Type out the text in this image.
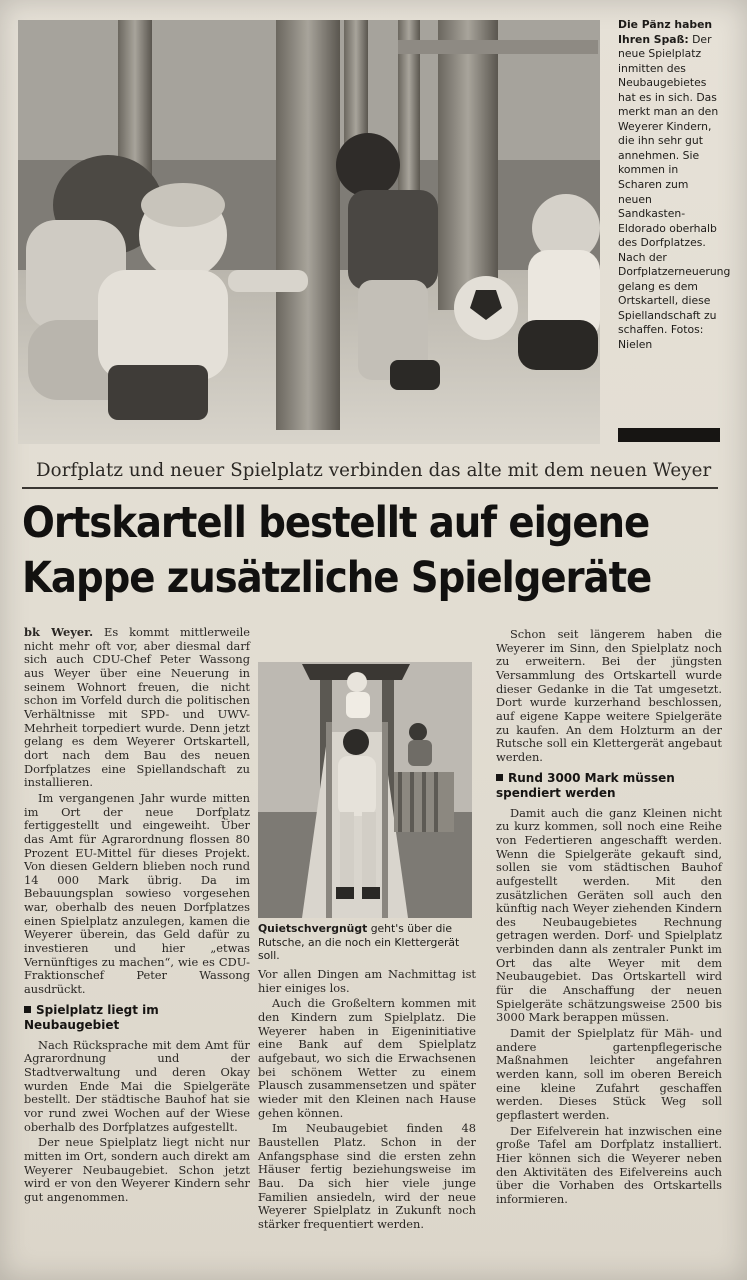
Die Pänz haben Ihren Spaß: Der neue Spielplatz inmitten des Neubaugebietes hat es in sich. Das merkt man an den Weyerer Kindern, die ihn sehr gut annehmen. Sie kommen in Scharen zum neuen Sandkasten-Eldorado oberhalb des Dorfplatzes. Nach der Dorfplatzerneuerung gelang es dem Ortskartell, diese Spiellandschaft zu schaffen. Fotos: Nielen
Dorfplatz und neuer Spielplatz verbinden das alte mit dem neuen Weyer
Ortskartell bestellt auf eigene
Kappe zusätzliche Spielgeräte

bk Weyer. Es kommt mittlerweile nicht mehr oft vor, aber diesmal darf sich auch CDU-Chef Peter Wassong aus Weyer über eine Neuerung in seinem Wohnort freuen, die nicht schon im Vorfeld durch die politischen Verhältnisse mit SPD- und UWV-Mehrheit torpediert wurde. Denn jetzt gelang es dem Weyerer Ortskartell, dort nach dem Bau des neuen Dorfplatzes eine Spiellandschaft zu installieren.

Im vergangenen Jahr wurde mitten im Ort der neue Dorfplatz fertiggestellt und eingeweiht. Über das Amt für Agrarordnung flossen 80 Prozent EU-Mittel für dieses Projekt. Von diesen Geldern blieben noch rund 14 000 Mark übrig. Da im Bebauungsplan sowieso vorgesehen war, oberhalb des neuen Dorfplatzes einen Spielplatz anzulegen, kamen die Weyerer überein, das Geld dafür zu investieren und hier „etwas Vernünftiges zu machen“, wie es CDU-Fraktionschef Peter Wassong ausdrückt.

Spielplatz liegt im Neubaugebiet

Nach Rücksprache mit dem Amt für Agrarordnung und der Stadtverwaltung und deren Okay wurden Ende Mai die Spielgeräte bestellt. Der städtische Bauhof hat sie vor rund zwei Wochen auf der Wiese oberhalb des Dorfplatzes aufgestellt.

Der neue Spielplatz liegt nicht nur mitten im Ort, sondern auch direkt am Weyerer Neubaugebiet. Schon jetzt wird er von den Weyerer Kindern sehr gut angenommen.

Quietschvergnügt geht's über die Rutsche, an die noch ein Klettergerät soll.

Vor allen Dingen am Nachmittag ist hier einiges los.

Auch die Großeltern kommen mit den Kindern zum Spielplatz. Die Weyerer haben in Eigeninitiative eine Bank auf dem Spielplatz aufgebaut, wo sich die Erwachsenen bei schönem Wetter zu einem Plausch zusammensetzen und später wieder mit den Kleinen nach Hause gehen können.

Im Neubaugebiet finden 48 Baustellen Platz. Schon in der Anfangsphase sind die ersten zehn Häuser fertig beziehungsweise im Bau. Da sich hier viele junge Familien ansiedeln, wird der neue Weyerer Spielplatz in Zukunft noch stärker frequentiert werden.

Schon seit längerem haben die Weyerer im Sinn, den Spielplatz noch zu erweitern. Bei der jüngsten Versammlung des Ortskartell wurde dieser Gedanke in die Tat umgesetzt. Dort wurde kurzerhand beschlossen, auf eigene Kappe weitere Spielgeräte zu kaufen. An dem Holzturm an der Rutsche soll ein Klettergerät angebaut werden.

Rund 3000 Mark müssen spendiert werden

Damit auch die ganz Kleinen nicht zu kurz kommen, soll noch eine Reihe von Federtieren angeschafft werden. Wenn die Spielgeräte gekauft sind, sollen sie vom städtischen Bauhof aufgestellt werden. Mit den zusätzlichen Geräten soll auch den künftig nach Weyer ziehenden Kindern des Neubaugebietes Rechnung getragen werden. Dorf- und Spielplatz verbinden dann als zentraler Punkt im Ort das alte Weyer mit dem Neubaugebiet. Das Ortskartell wird für die Anschaffung der neuen Spielgeräte schätzungsweise 2500 bis 3000 Mark berappen müssen.

Damit der Spielplatz für Mäh- und andere gartenpflegerische Maßnahmen leichter angefahren werden kann, soll im oberen Bereich eine kleine Zufahrt geschaffen werden. Dieses Stück Weg soll gepflastert werden.

Der Eifelverein hat inzwischen eine große Tafel am Dorfplatz installiert. Hier können sich die Weyerer neben den Aktivitäten des Eifelvereins auch über die Vorhaben des Ortskartells informieren.
